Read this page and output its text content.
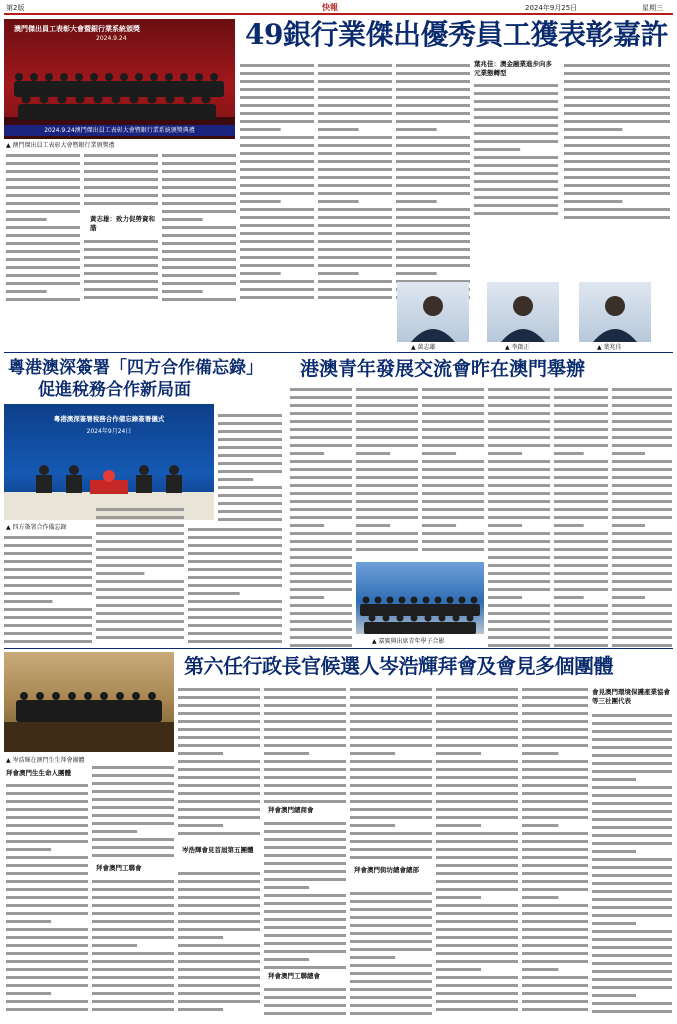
第2版	快報	2024年9月25日	星期三
澳門傑出員工表彰大會暨銀行業系統頒獎
2024.9.24
2024.9.24澳門傑出員工表彰大會暨銀行業系統頒獎典禮
▲ 澳門傑出員工表彰大會暨銀行業頒獎禮
49銀行業傑出優秀員工獲表彰嘉許
黃志雄：致力促勞資和諧
葉兆佳：澳金融業進步向多元業態轉型
▲ 黃志雄	▲ 李啟正	▲ 葉兆佳
粵港澳深簽署「四方合作備忘錄」
促進稅務合作新局面
粵港澳深簽署稅務合作備忘錄簽署儀式
2024年9月24日
▲ 四方簽署合作備忘錄
港澳青年發展交流會昨在澳門舉辦
▲ 嘉賓與出席青年學子合影
第六任行政長官候選人岑浩輝拜會及會見多個團體
▲ 岑浩輝在澳門生生拜會團體
拜會澳門生生命人團體
拜會澳門工聯會
岑浩輝會見首屆第五團體
拜會澳門總商會
拜會澳門工聯總會
拜會澳門街坊總會總部
會見澳門環境保護產業協會等三社團代表
